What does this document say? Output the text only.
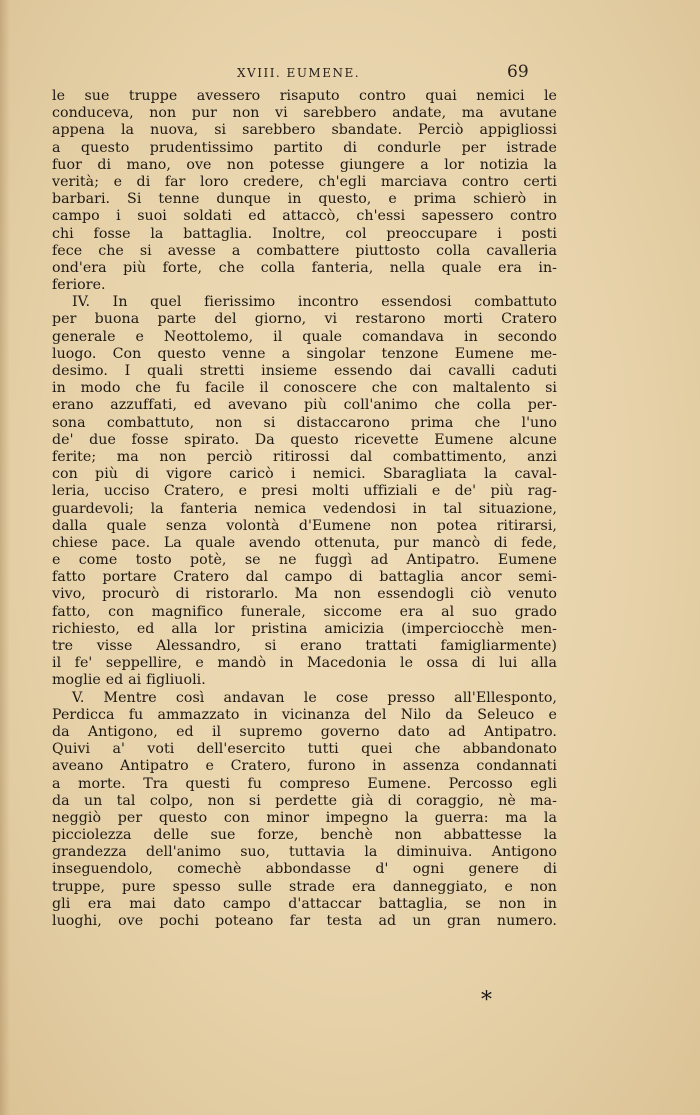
XVIII. EUMENE.	69
le sue truppe avessero risaputo contro quai nemici le
conduceva, non pur non vi sarebbero andate, ma avutane
appena la nuova, si sarebbero sbandate. Perciò appigliossi
a questo prudentissimo partito di condurle per istrade
fuor di mano, ove non potesse giungere a lor notizia la
verità; e di far loro credere, ch'egli marciava contro certi
barbari. Si tenne dunque in questo, e prima schierò in
campo i suoi soldati ed attaccò, ch'essi sapessero contro
chi fosse la battaglia. Inoltre, col preoccupare i posti
fece che si avesse a combattere piuttosto colla cavalleria
ond'era più forte, che colla fanteria, nella quale era in-
feriore.
IV. In quel fierissimo incontro essendosi combattuto
per buona parte del giorno, vi restarono morti Cratero
generale e Neottolemo, il quale comandava in secondo
luogo. Con questo venne a singolar tenzone Eumene me-
desimo. I quali stretti insieme essendo dai cavalli caduti
in modo che fu facile il conoscere che con maltalento si
erano azzuffati, ed avevano più coll'animo che colla per-
sona combattuto, non si distaccarono prima che l'uno
de' due fosse spirato. Da questo ricevette Eumene alcune
ferite; ma non perciò ritirossi dal combattimento, anzi
con più di vigore caricò i nemici. Sbaragliata la caval-
leria, ucciso Cratero, e presi molti uffiziali e de' più rag-
guardevoli; la fanteria nemica vedendosi in tal situazione,
dalla quale senza volontà d'Eumene non potea ritirarsi,
chiese pace. La quale avendo ottenuta, pur mancò di fede,
e come tosto potè, se ne fuggì ad Antipatro. Eumene
fatto portare Cratero dal campo di battaglia ancor semi-
vivo, procurò di ristorarlo. Ma non essendogli ciò venuto
fatto, con magnifico funerale, siccome era al suo grado
richiesto, ed alla lor pristina amicizia (imperciocchè men-
tre visse Alessandro, si erano trattati famigliarmente)
il fe' seppellire, e mandò in Macedonia le ossa di lui alla
moglie ed ai figliuoli.
V. Mentre così andavan le cose presso all'Ellesponto,
Perdicca fu ammazzato in vicinanza del Nilo da Seleuco e
da Antigono, ed il supremo governo dato ad Antipatro.
Quivi a' voti dell'esercito tutti quei che abbandonato
aveano Antipatro e Cratero, furono in assenza condannati
a morte. Tra questi fu compreso Eumene. Percosso egli
da un tal colpo, non si perdette già di coraggio, nè ma-
neggiò per questo con minor impegno la guerra: ma la
picciolezza delle sue forze, benchè non abbattesse la
grandezza dell'animo suo, tuttavia la diminuiva. Antigono
inseguendolo, comechè abbondasse d' ogni genere di
truppe, pure spesso sulle strade era danneggiato, e non
gli era mai dato campo d'attaccar battaglia, se non in
luoghi, ove pochi poteano far testa ad un gran numero.
*
